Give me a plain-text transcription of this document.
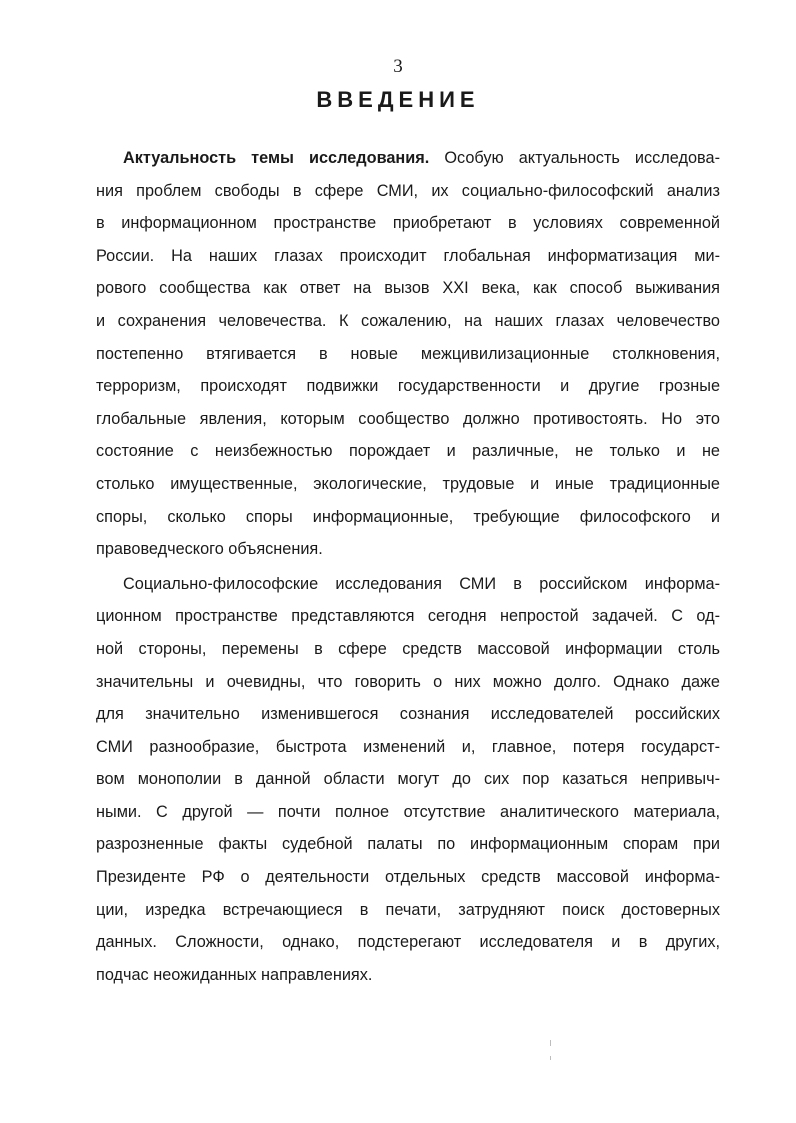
3
ВВЕДЕНИЕ

Актуальность темы исследования. Особую актуальность исследова-
ния проблем свободы в сфере СМИ, их социально-философский анализ
в информационном пространстве приобретают в условиях современной
России. На наших глазах происходит глобальная информатизация ми-
рового сообщества как ответ на вызов XXI века, как способ выживания
и сохранения человечества. К сожалению, на наших глазах человечество
постепенно втягивается в новые межцивилизационные столкновения,
терроризм, происходят подвижки государственности и другие грозные
глобальные явления, которым сообщество должно противостоять. Но это
состояние с неизбежностью порождает и различные, не только и не
столько имущественные, экологические, трудовые и иные традиционные
споры, сколько споры информационные, требующие философского и
правоведческого объяснения.

Социально-философские исследования СМИ в российском информа-
ционном пространстве представляются сегодня непростой задачей. С од-
ной стороны, перемены в сфере средств массовой информации столь
значительны и очевидны, что говорить о них можно долго. Однако даже
для значительно изменившегося сознания исследователей российских
СМИ разнообразие, быстрота изменений и, главное, потеря государст-
вом монополии в данной области могут до сих пор казаться непривыч-
ными. С другой — почти полное отсутствие аналитического материала,
разрозненные факты судебной палаты по информационным спорам при
Президенте РФ о деятельности отдельных средств массовой информа-
ции, изредка встречающиеся в печати, затрудняют поиск достоверных
данных. Сложности, однако, подстерегают исследователя и в других,
подчас неожиданных направлениях.
